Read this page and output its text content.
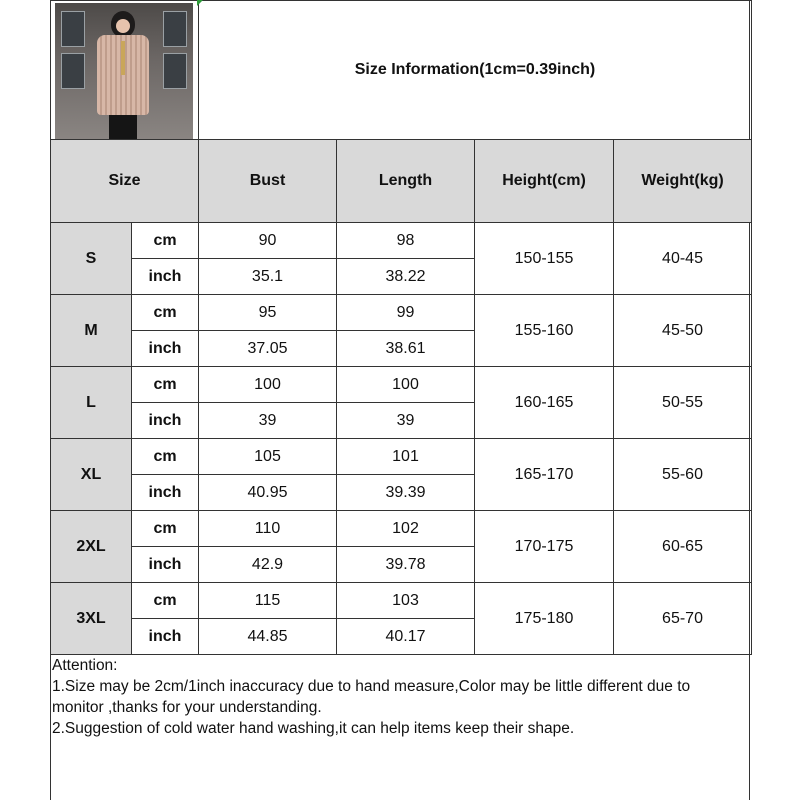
		Size Information(1cm=0.39inch)			
Size		Bust	Length	Height(cm)	Weight(kg)
S	cm	90	98	150-155	40-45
	inch	35.1	38.22		
M	cm	95	99	155-160	45-50
	inch	37.05	38.61		
L	cm	100	100	160-165	50-55
	inch	39	39		
XL	cm	105	101	165-170	55-60
	inch	40.95	39.39		
2XL	cm	110	102	170-175	60-65
	inch	42.9	39.78		
3XL	cm	115	103	175-180	65-70
	inch	44.85	40.17		

Attention:

1.Size may be 2cm/1inch inaccuracy due to hand measure,Color may be little different due to monitor ,thanks for your understanding.

2.Suggestion of cold water hand washing,it can help items keep their shape.
